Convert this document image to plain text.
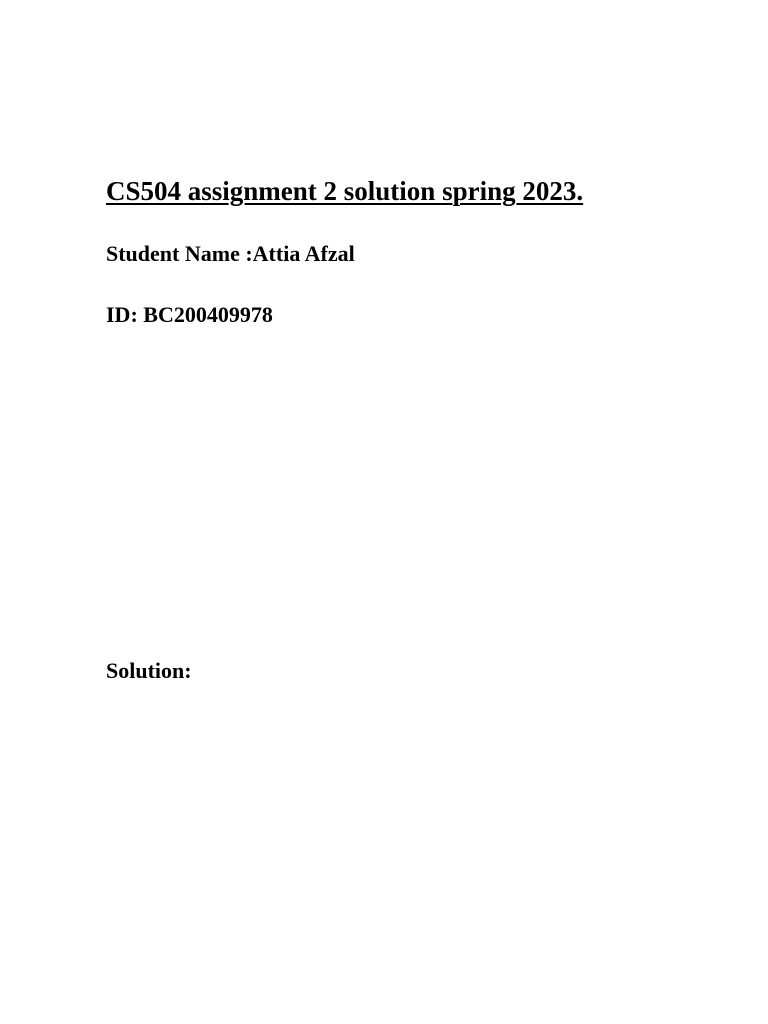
CS504 assignment 2 solution spring 2023.

Student Name :Attia Afzal

ID: BC200409978

Solution:
